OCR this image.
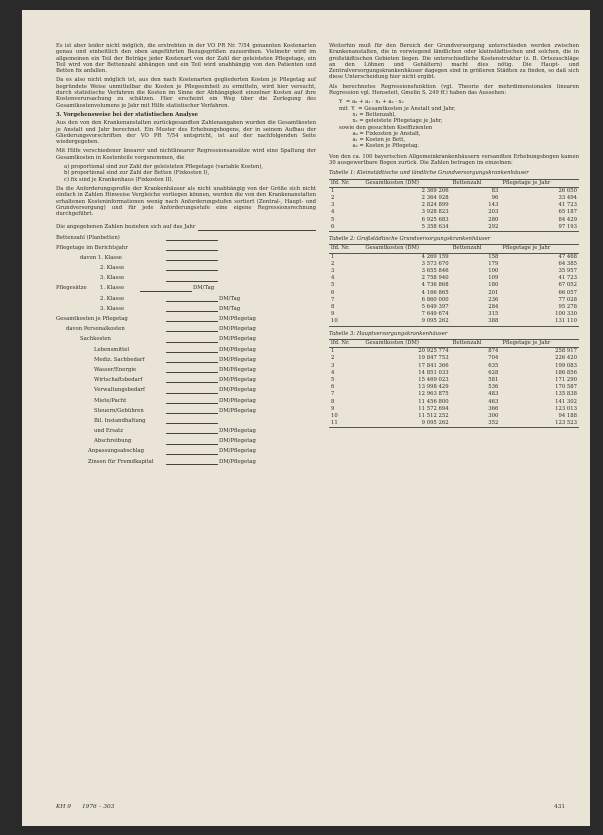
Es ist aber leider nicht möglich, die erstrebten in der VO PR Nr. 7/54 genannten Kostenarten genau und einheitlich den oben angeführten Bezugsgrößen zuzuordnen. Vielmehr wird im allgemeinen ein Teil der Beträge jeder Kostenart von der Zahl der geleisteten Pflegetage, ein Teil wird von der Bettenzahl abhängen und ein Teil wird unabhängig von den Patienten und Betten fix anfallen.

Da es also nicht möglich ist, aus den nach Kostenarten gegliederten Kosten je Pflegetag auf begründete Weise unmittelbar die Kosten je Pflegeeinheit zu ermitteln, wird hier versucht, durch statistische Verfahren die Kosten im Sinne der Abhängigkeit einzelner Kosten auf ihre Kostenverursachung zu schätzen. Hier erscheint ein Weg über die Zerlegung des Gesamtkostenvolumens je Jahr mit Hilfe statistischer Verfahren.

3. Vorgehensweise bei der statistischen Analyse

Aus den von den Krankenanstalten zurückgesandten Zahlenangaben wurden die Gesamtkosten je Anstalt und Jahr berechnet. Ein Muster des Erhebungsbogens, der in seinem Aufbau der Gliederungsvorschriften der VO PR 7/54 entspricht, ist auf der nachfolgenden Seite wiedergegeben.

Mit Hilfe verschiedener linearer und nichtlinearer Regressionsansätze wird eine Spaltung der Gesamtkosten in Kostenteile vorgenommen, die

a) proportional sind zur Zahl der geleisteten Pflegetage (variable Kosten),
b) proportional sind zur Zahl der Betten (Fixkosten I),
c) fix sind je Krankenhaus (Fixkosten II).

Da die Anforderungsprofile der Krankenhäuser als nicht unabhängig von der Größe sich nicht einfach in Zahlen Hinweise Vergleiche vorliegen können, werden die von den Krankenanstalten erhaltenen Kosteninformationen wenig nach Anforderungstufen sortiert (Zentral-, Haupt- und Grundversorgung) und für jede Anforderungsstufe eine eigene Regressionsrechnung durchgeführt.

Die angegebenen Zahlen beziehen sich auf das Jahr
Bettenzahl (Planbetten)
Pflegetage im Berichtsjahr
davon 1. Klasse
2. Klasse
3. Klasse
Pflegesätze	1. Klasse	DM/Tag
2. Klasse	DM/Tag
3. Klasse	DM/Tag
Gesamtkosten je Pflegetag	DM/Pflegetag
davon Personalkosten	DM/Pflegetag
Sachkosten	DM/Pflegetag
Lebensmittel	DM/Pflegetag
Mediz. Sachbedarf	DM/Pflegetag
Wasser/Energie	DM/Pflegetag
Wirtschaftsbedarf	DM/Pflegetag
Verwaltungsbedarf	DM/Pflegetag
Miete/Pacht	DM/Pflegetag
Steuern/Gebühren	DM/Pflegetag
Bil. Instandhaltung
und Ersatz	DM/Pflegetag
Abschreibung	DM/Pflegetag
Anpassungsabschlag	DM/Pflegetag
Zinsen für Fremdkapital	DM/Pflegetag

Weiterhin muß für den Bereich der Grundversorgung unterschieden werden zwischen Krankenanstalten, die in vorwiegend ländlichen oder kleinstädtischen und solchen, die in großstädtischen Gebieten liegen. Die unterschiedliche Kostenstruktur (z. B. Ortszuschläge an den Löhnen und Gehältern) macht dies nötig. Die Haupt- und Zentralversorgungskrankenhäuser dagegen sind in größeren Städten zu finden, so daß sich diese Unterscheidung hier nicht ergibt.

Als berechnetes Regressionsfunktion (vgl. Theorie der mehrdimensionalen linearen Regression vgl. Henseleit, Gmelin S. 249 ff.) haben das Aussehen:

Y  = a₀ + a₁ · x₁ + a₂ · x₂
mit  Y  = Gesamtkosten je Anstalt und Jahr,
x₁ = Bettenzahl,
x₂ = geleistete Pflegetage je Jahr,
sowie den gesuchten Koeffizienten
a₀ = Fixkosten je Anstalt,
a₁ = Kosten je Bett,
a₂ = Kosten je Pflegetag.

Von den ca. 100 bayerischen Allgemeinkrankenhäusern versandten Erhebungsbogen kamen 30 ausgewertbare Bogen zurück. Die Zahlen betragen im einzelnen:

Tabelle 1: Kleinstädtische und ländliche Grundversorgungskrankenhäuser
lfd. Nr.	Gesamtkosten (DM)	Bettenzahl	Pflegetage je Jahr
1	2 369 206	83	26 050
2	2 364 928	96	33 494
3	2 824 899	143	41 723
4	3 928 823	203	65 187
5	6 925 683	280	84 429
6	5 358 634	292	97 193
Tabelle 2: Großstädtische Grundversorgungskrankenhäuser
lfd. Nr.	Gesamtkosten (DM)	Bettenzahl	Pflegetage je Jahr
1	4 269 159	158	47 468
2	3 573 670	179	64 385
3	3 655 846	100	35 957
4	2 758 940	109	41 723
5	4 736 868	180	67 052
6	4 166 865	201	66 057
7	6 860 000	236	77 028
8	5 649 397	284	95 278
9	7 649 674	315	100 330
10	9 095 262	388	131 110
Tabelle 3: Hauptversorgungskrankenhäuser
lfd. Nr.	Gesamtkosten (DM)	Bettenzahl	Pflegetage je Jahr
1	20 925 774	874	258 917
2	19 847 753	704	226 420
3	17 841 366	635	199 083
4	14 851 033	628	186 856
5	15 469 023	581	171 290
6	13 998 429	536	170 587
7	12 963 875	483	135 838
8	11 456 800	463	141 302
9	11 572 694	366	123 013
10	11 512 252	300	94 188
11	9 095 262	352	123 523
KH 9 1976 – 303	431
